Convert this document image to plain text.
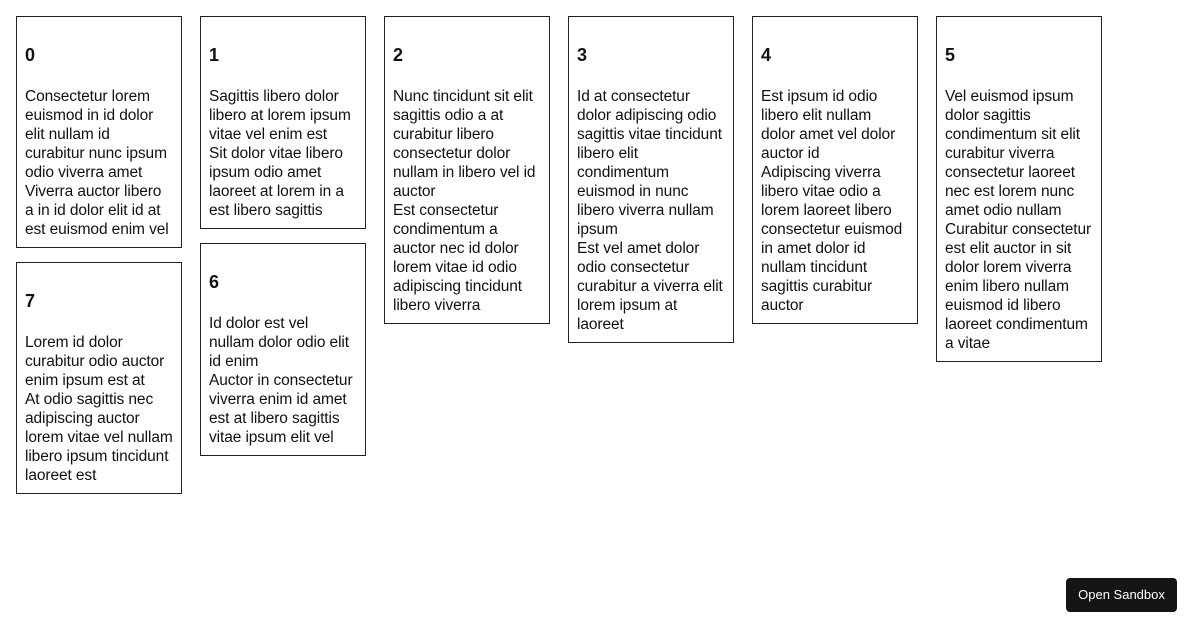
0

Consectetur lorem euismod in id dolor elit nullam id curabitur nunc ipsum odio viverra amet

Viverra auctor libero a in id dolor elit id at est euismod enim vel

1

Sagittis libero dolor libero at lorem ipsum vitae vel enim est

Sit dolor vitae libero ipsum odio amet laoreet at lorem in a est libero sagittis

2

Nunc tincidunt sit elit sagittis odio a at curabitur libero consectetur dolor nullam in libero vel id auctor

Est consectetur condimentum a auctor nec id dolor lorem vitae id odio adipiscing tincidunt libero viverra

3

Id at consectetur dolor adipiscing odio sagittis vitae tincidunt libero elit condimentum euismod in nunc libero viverra nullam ipsum

Est vel amet dolor odio consectetur curabitur a viverra elit lorem ipsum at laoreet

4

Est ipsum id odio libero elit nullam dolor amet vel dolor auctor id

Adipiscing viverra libero vitae odio a lorem laoreet libero consectetur euismod in amet dolor id nullam tincidunt sagittis curabitur auctor

5

Vel euismod ipsum dolor sagittis condimentum sit elit curabitur viverra consectetur laoreet nec est lorem nunc amet odio nullam

Curabitur consectetur est elit auctor in sit dolor lorem viverra enim libero nullam euismod id libero laoreet condimentum a vitae

6

Id dolor est vel nullam dolor odio elit id enim

Auctor in consectetur viverra enim id amet est at libero sagittis vitae ipsum elit vel

7

Lorem id dolor curabitur odio auctor enim ipsum est at

At odio sagittis nec adipiscing auctor lorem vitae vel nullam libero ipsum tincidunt laoreet est

Open Sandbox
